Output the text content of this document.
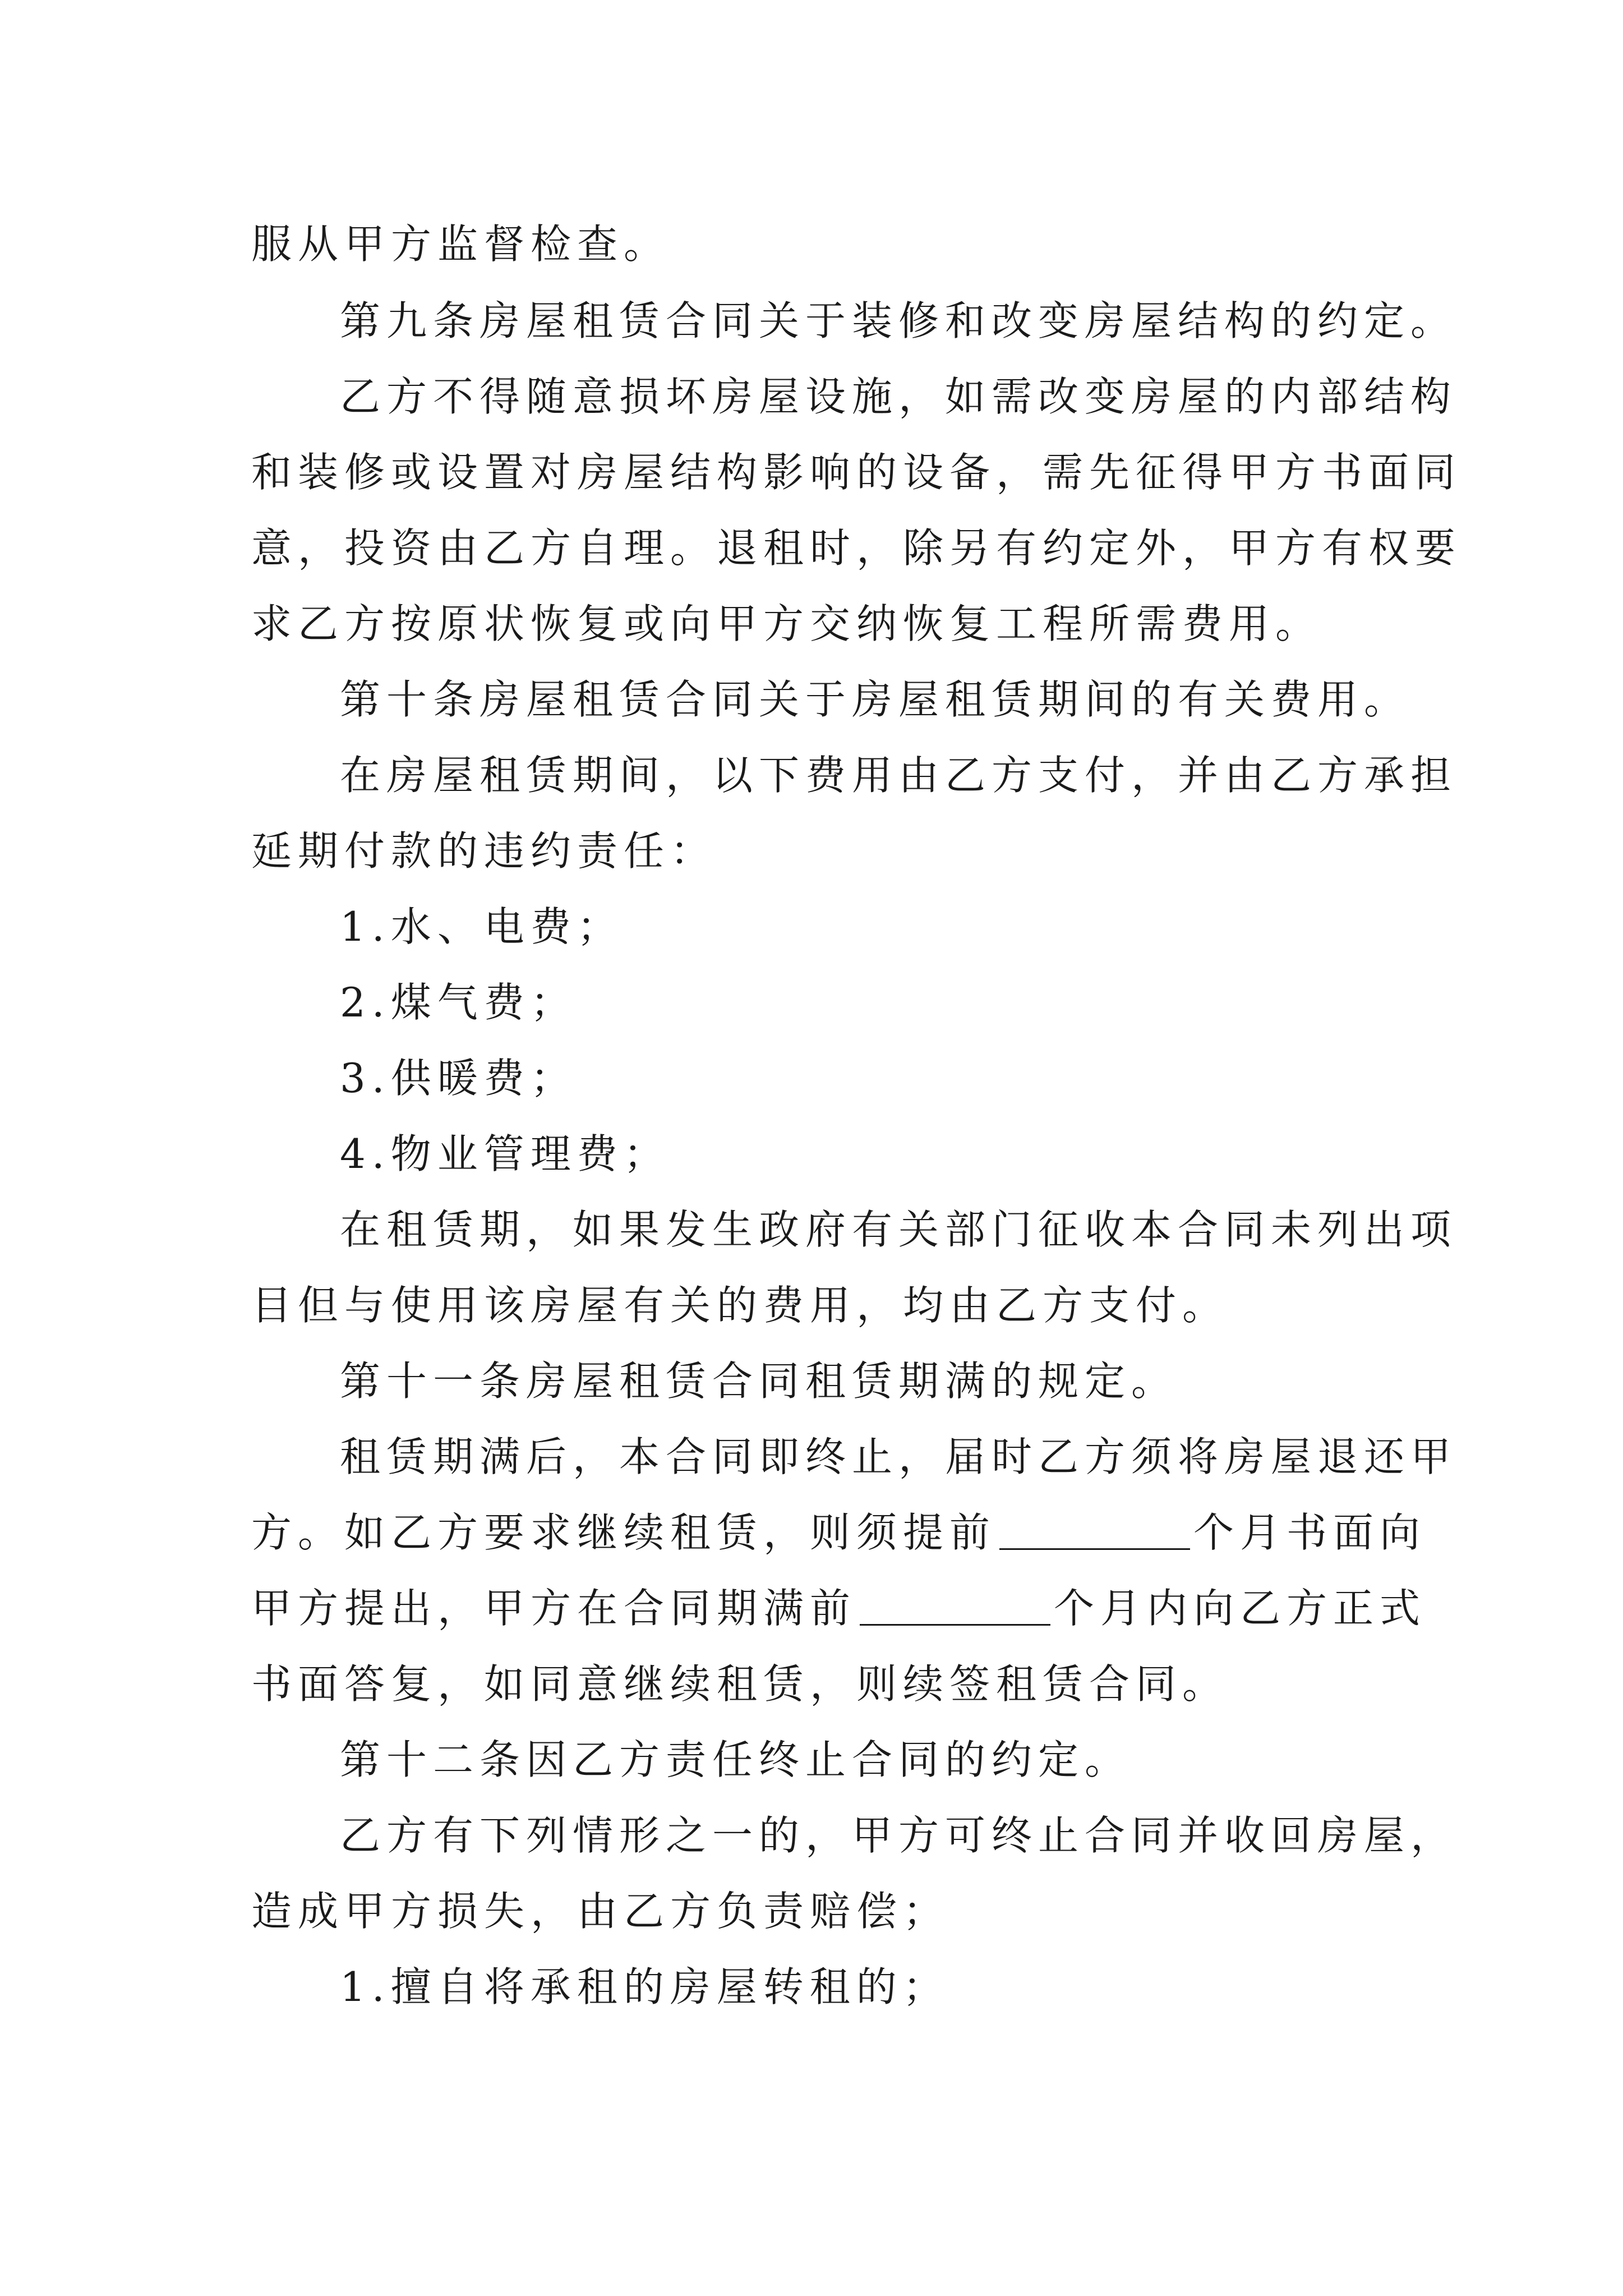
服从甲方监督检查。
第九条房屋租赁合同关于装修和改变房屋结构的约定。
乙方不得随意损坏房屋设施，如需改变房屋的内部结构
和装修或设置对房屋结构影响的设备，需先征得甲方书面同
意，投资由乙方自理。退租时，除另有约定外，甲方有权要
求乙方按原状恢复或向甲方交纳恢复工程所需费用。
第十条房屋租赁合同关于房屋租赁期间的有关费用。
在房屋租赁期间，以下费用由乙方支付，并由乙方承担
延期付款的违约责任：
1.水、电费；
2.煤气费；
3.供暖费；
4.物业管理费；
在租赁期，如果发生政府有关部门征收本合同未列出项
目但与使用该房屋有关的费用，均由乙方支付。
第十一条房屋租赁合同租赁期满的规定。
租赁期满后，本合同即终止，届时乙方须将房屋退还甲
方。如乙方要求继续租赁，则须提前	个月书面向
甲方提出，甲方在合同期满前	个月内向乙方正式
书面答复，如同意继续租赁，则续签租赁合同。
第十二条因乙方责任终止合同的约定。
乙方有下列情形之一的，甲方可终止合同并收回房屋，
造成甲方损失，由乙方负责赔偿；
1.擅自将承租的房屋转租的；
